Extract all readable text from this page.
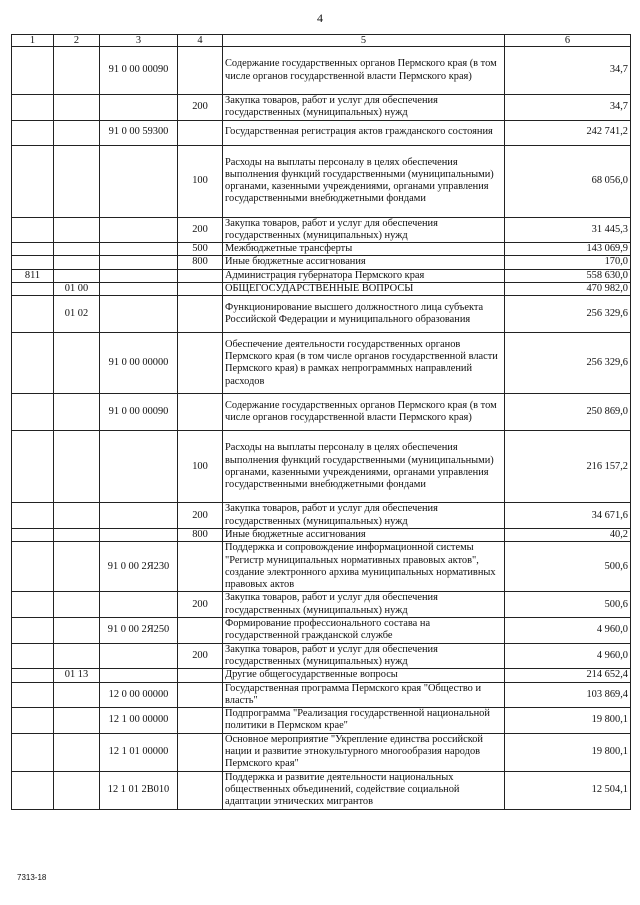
4
1	2	3	4	5	6
		91 0 00 00090		Содержание государственных органов Пермского края (в том числе органов государственной власти Пермского края)	34,7
			200	Закупка товаров, работ и услуг для обеспечения государственных (муниципальных) нужд	34,7
		91 0 00 59300		Государственная регистрация актов гражданского состояния	242 741,2
			100	Расходы на выплаты персоналу в целях обеспечения выполнения функций государственными (муниципальными) органами, казенными учреждениями, органами управления государственными внебюджетными фондами	68 056,0
			200	Закупка товаров, работ и услуг для обеспечения государственных (муниципальных) нужд	31 445,3
			500	Межбюджетные трансферты	143 069,9
			800	Иные бюджетные ассигнования	170,0
811				Администрация губернатора Пермского края	558 630,0
	01 00			ОБЩЕГОСУДАРСТВЕННЫЕ ВОПРОСЫ	470 982,0
	01 02			Функционирование высшего должностного лица субъекта Российской Федерации и муниципального образования	256 329,6
		91 0 00 00000		Обеспечение деятельности государственных органов Пермского края (в том числе органов государственной власти Пермского края) в рамках непрограммных направлений расходов	256 329,6
		91 0 00 00090		Содержание государственных органов Пермского края (в том числе органов государственной власти Пермского края)	250 869,0
			100	Расходы на выплаты персоналу в целях обеспечения выполнения функций государственными (муниципальными) органами, казенными учреждениями, органами управления государственными внебюджетными фондами	216 157,2
			200	Закупка товаров, работ и услуг для обеспечения государственных (муниципальных) нужд	34 671,6
			800	Иные бюджетные ассигнования	40,2
		91 0 00 2Я230		Поддержка и сопровождение информационной системы "Регистр муниципальных нормативных правовых актов", создание электронного архива муниципальных нормативных правовых актов	500,6
			200	Закупка товаров, работ и услуг для обеспечения государственных (муниципальных) нужд	500,6
		91 0 00 2Я250		Формирование профессионального состава на государственной гражданской службе	4 960,0
			200	Закупка товаров, работ и услуг для обеспечения государственных (муниципальных) нужд	4 960,0
	01 13			Другие общегосударственные вопросы	214 652,4
		12 0 00 00000		Государственная программа Пермского края "Общество и власть"	103 869,4
		12 1 00 00000		Подпрограмма "Реализация государственной национальной политики в Пермском крае"	19 800,1
		12 1 01 00000		Основное мероприятие "Укрепление единства российской нации и развитие этнокультурного многообразия народов Пермского края"	19 800,1
		12 1 01 2В010		Поддержка и развитие деятельности национальных общественных объединений, содействие социальной адаптации этнических мигрантов	12 504,1
7313-18
